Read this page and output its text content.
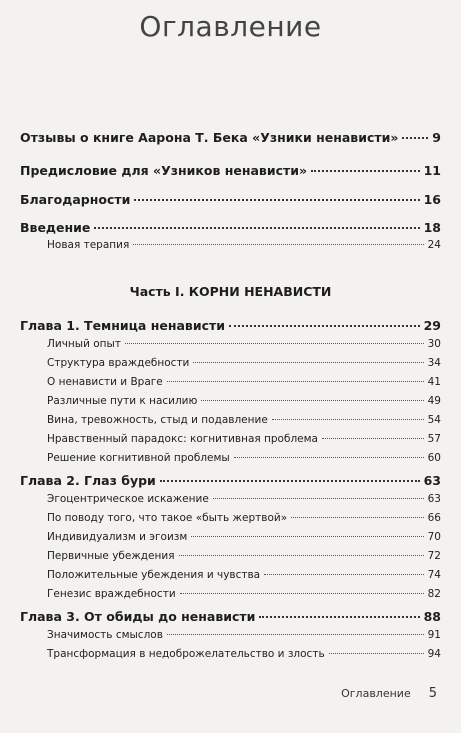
Оглавление
Отзывы о книге Аарона Т. Бека «Узники ненависти»	9
Предисловие для «Узников ненависти»	11
Благодарности	16
Введение	18
Новая терапия	24
Часть I. КОРНИ НЕНАВИСТИ
Глава 1. Темница ненависти	29
Личный опыт	30
Структура враждебности	34
О ненависти и Враге	41
Различные пути к насилию	49
Вина, тревожность, стыд и подавление	54
Нравственный парадокс: когнитивная проблема	57
Решение когнитивной проблемы	60
Глава 2. Глаз бури	63
Эгоцентрическое искажение	63
По поводу того, что такое «быть жертвой»	66
Индивидуализм и эгоизм	70
Первичные убеждения	72
Положительные убеждения и чувства	74
Генезис враждебности	82
Глава 3. От обиды до ненависти	88
Значимость смыслов	91
Трансформация в недоброжелательство и злость	94
Оглавление 5
